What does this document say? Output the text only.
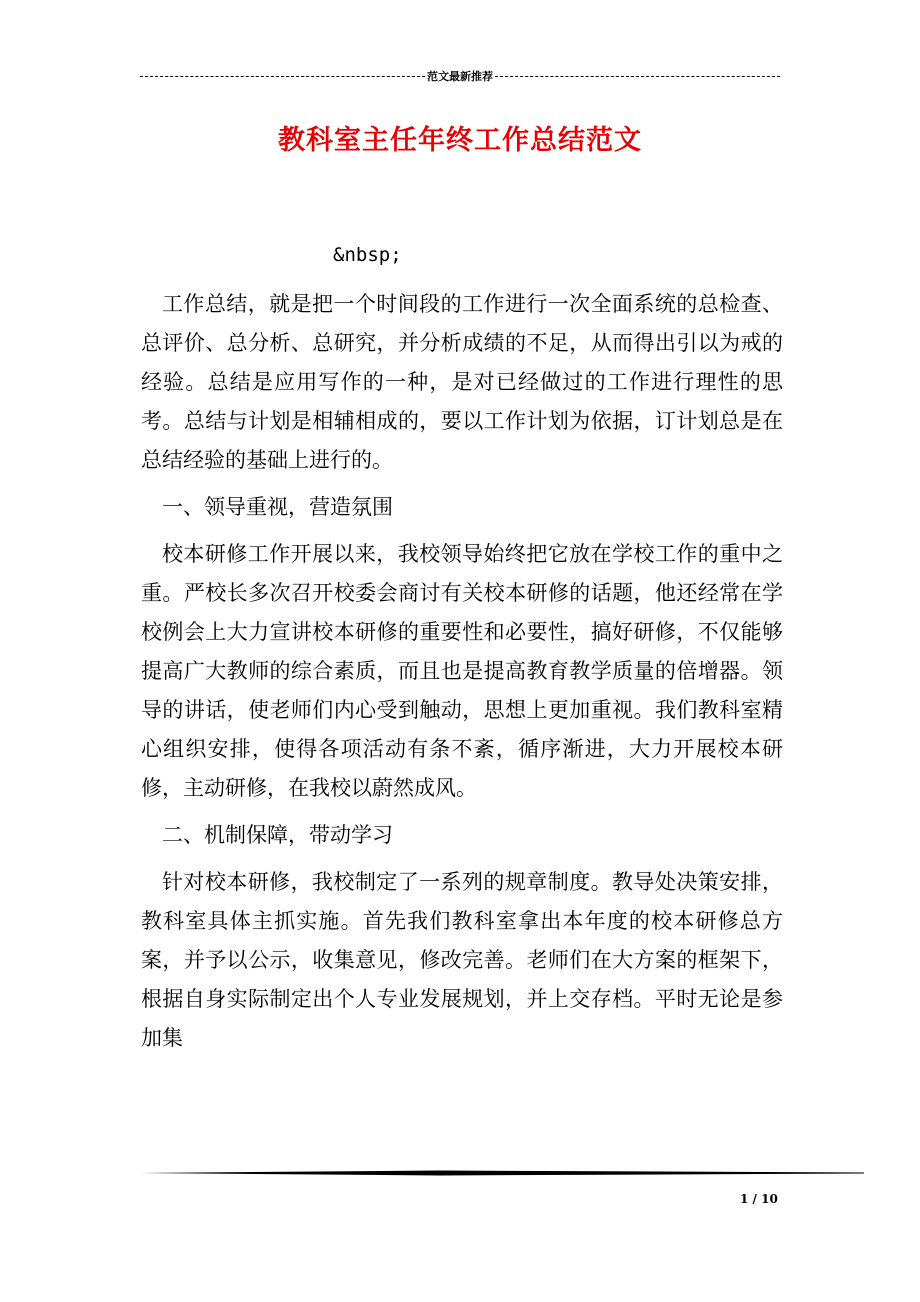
范文最新推荐
教科室主任年终工作总结范文
&nbsp;

工作总结，就是把一个时间段的工作进行一次全面系统的总检查、总评价、总分析、总研究，并分析成绩的不足，从而得出引以为戒的经验。总结是应用写作的一种，是对已经做过的工作进行理性的思考。总结与计划是相辅相成的，要以工作计划为依据，订计划总是在总结经验的基础上进行的。

一、领导重视，营造氛围

校本研修工作开展以来，我校领导始终把它放在学校工作的重中之重。严校长多次召开校委会商讨有关校本研修的话题，他还经常在学校例会上大力宣讲校本研修的重要性和必要性，搞好研修，不仅能够提高广大教师的综合素质，而且也是提高教育教学质量的倍增器。领导的讲话，使老师们内心受到触动，思想上更加重视。我们教科室精心组织安排，使得各项活动有条不紊，循序渐进，大力开展校本研修，主动研修，在我校以蔚然成风。

二、机制保障，带动学习

针对校本研修，我校制定了一系列的规章制度。教导处决策安排，教科室具体主抓实施。首先我们教科室拿出本年度的校本研修总方案，并予以公示，收集意见，修改完善。老师们在大方案的框架下，根据自身实际制定出个人专业发展规划，并上交存档。平时无论是参加集

1 / 10
